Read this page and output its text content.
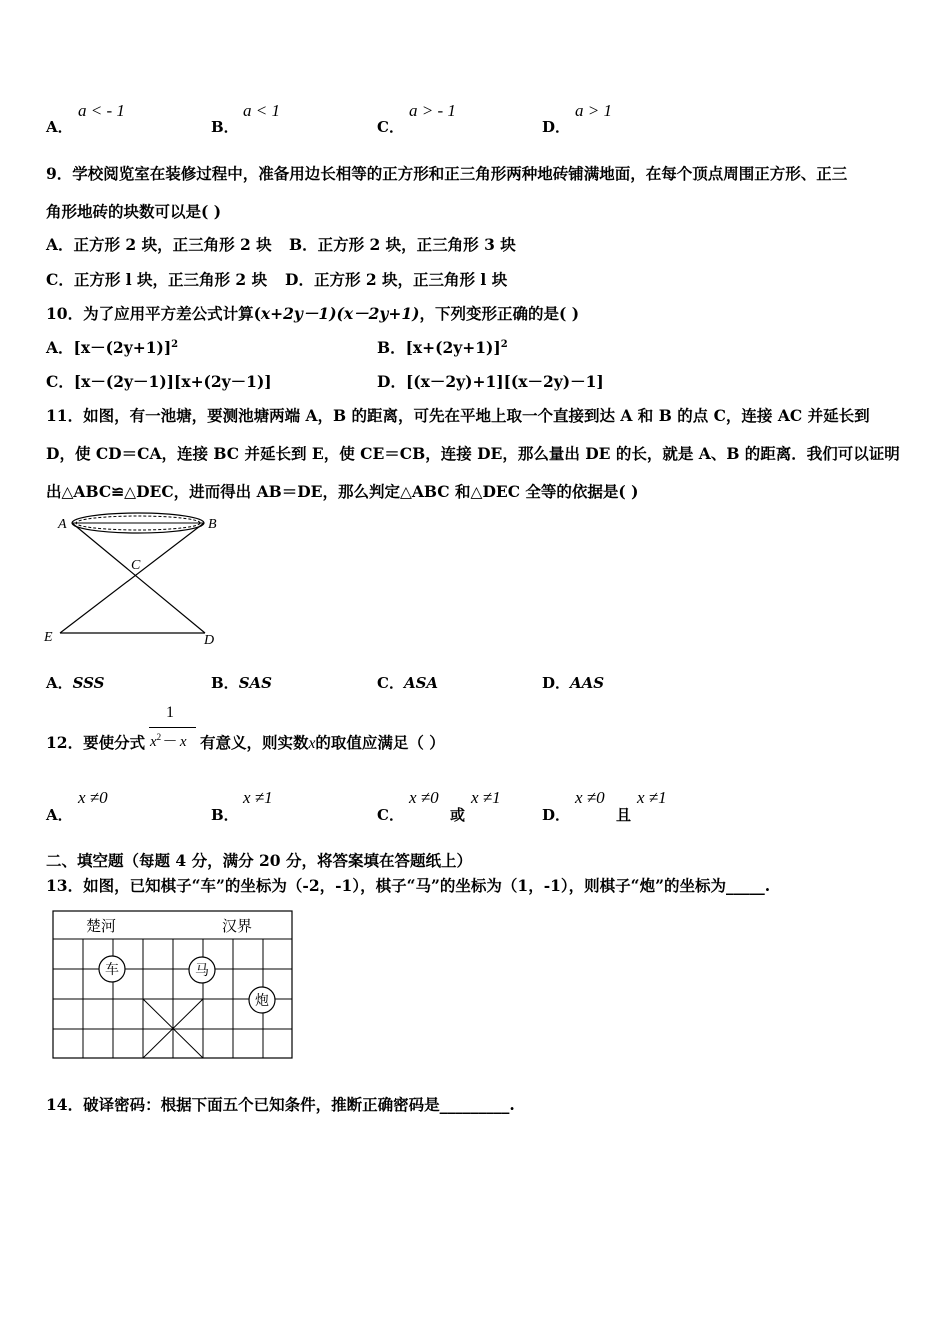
A．
a < - 1
B．
a < 1
C．
a > - 1
D．
a > 1
9．学校阅览室在装修过程中，准备用边长相等的正方形和正三角形两种地砖铺满地面，在每个顶点周围正方形、正三
角形地砖的块数可以是( )
A．正方形 2 块，正三角形 2 块 B．正方形 2 块，正三角形 3 块
C．正方形 l 块，正三角形 2 块 D．正方形 2 块，正三角形 l 块
10．为了应用平方差公式计算(x+2y－1)(x－2y+1)，下列变形正确的是( )
A．$[x-(2y+1)]^2$	B．$[x+(2y+1)]^2$
C．[x－(2y－1)][x+(2y－1)]	D．[(x－2y)+1][(x－2y)－1]
11．如图，有一池塘，要测池塘两端 A，B 的距离，可先在平地上取一个直接到达 A 和 B 的点 C，连接 AC 并延长到
D，使 CD＝CA，连接 BC 并延长到 E，使 CE＝CB，连接 DE，那么量出 DE 的长，就是 A、B 的距离．我们可以证明
出△ABC≌△DEC，进而得出 AB＝DE，那么判定△ABC 和△DEC 全等的依据是( )
A	B
C
E	D
A．SSS	B．SAS	C．ASA	D．AAS
12．要使分式
1
$x^2- x$ 有意义，则实数x的取值应满足（ ）
A．
x ≠0
B．
x ≠1
C．
x ≠0
或
x ≠1
D．
x ≠0
且
x ≠1
二、填空题（每题 4 分，满分 20 分，将答案填在答题纸上）
13．如图，已知棋子“车”的坐标为（-2，-1），棋子“马”的坐标为（1，-1），则棋子“炮”的坐标为_____.
楚河	汉界
车	马
炮
14．破译密码：根据下面五个已知条件，推断正确密码是_________.
